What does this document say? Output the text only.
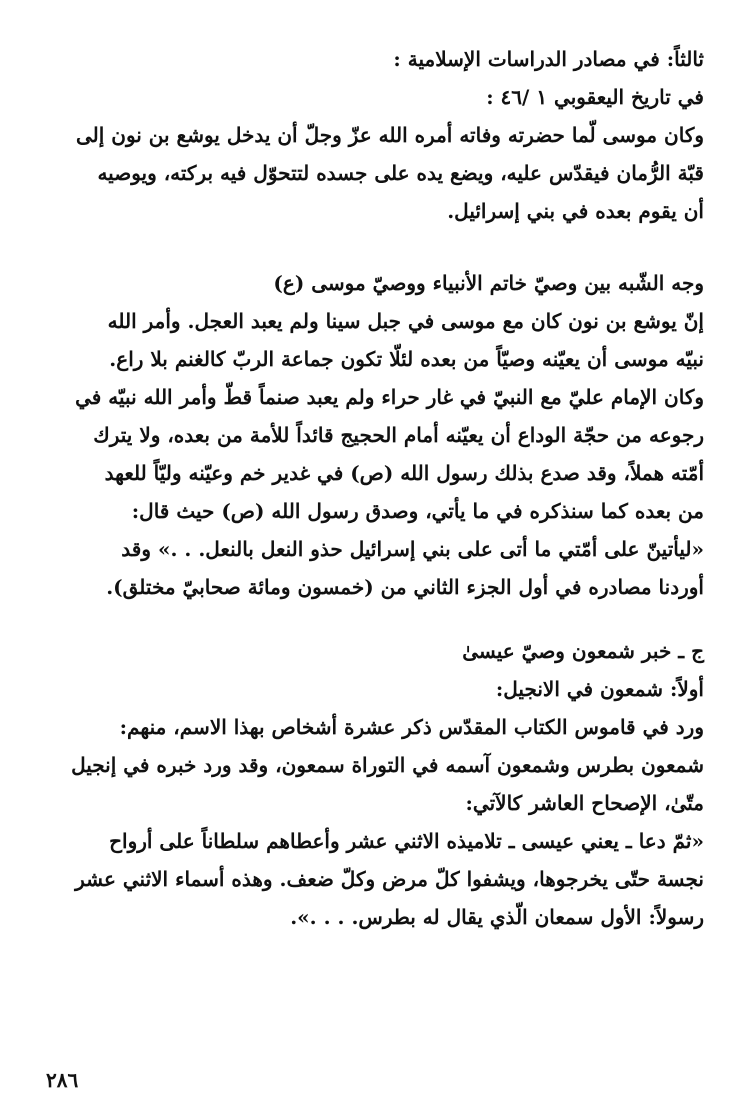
ثالثاً: في مصادر الدراسات الإسلامية :

في تاريخ اليعقوبي ١ /٤٦ :

وكان موسى لّما حضرته وفاته أمره الله عزّ وجلّ أن يدخل يوشع بن نون إلى

قبّة الرُّمان فيقدّس عليه، ويضع يده على جسده لتتحوّل فيه بركته، ويوصيه

أن يقوم بعده في بني إسرائيل.

وجه الشّبه بين وصيّ خاتم الأنبياء ووصيّ موسى (ع)

إنّ يوشع بن نون كان مع موسى في جبل سينا ولم يعبد العجل. وأمر الله

نبيّه موسى أن يعيّنه وصيّاً من بعده لئلّا تكون جماعة الربّ كالغنم بلا راع.

وكان الإمام عليّ مع النبيّ في غار حراء ولم يعبد صنماً قطّ وأمر الله نبيّه في

رجوعه من حجّة الوداع أن يعيّنه أمام الحجيج قائداً للأمة من بعده، ولا يترك

أمّته هملاً، وقد صدع بذلك رسول الله (ص) في غدير خم وعيّنه وليّاً للعهد

من بعده كما سنذكره في ما يأتي، وصدق رسول الله (ص) حيث قال:

«ليأتينّ على أمّتي ما أتى على بني إسرائيل حذو النعل بالنعل. . .» وقد

أوردنا مصادره في أول الجزء الثاني من (خمسون ومائة صحابيّ مختلق).

ج ـ خبر شمعون وصيّ عيسىٰ

أولاً: شمعون في الانجيل:

ورد في قاموس الكتاب المقدّس ذكر عشرة أشخاص بهذا الاسم، منهم:

شمعون بطرس وشمعون آسمه في التوراة سمعون، وقد ورد خبره في إنجيل

متّىٰ، الإصحاح العاشر كالآتي:

«ثمّ دعا ـ يعني عيسى ـ تلاميذه الاثني عشر وأعطاهم سلطاناً على أرواح

نجسة حتّى يخرجوها، ويشفوا كلّ مرض وكلّ ضعف. وهذه أسماء الاثني عشر

رسولاً: الأول سمعان الّذي يقال له بطرس. . . .».

٢٨٦
